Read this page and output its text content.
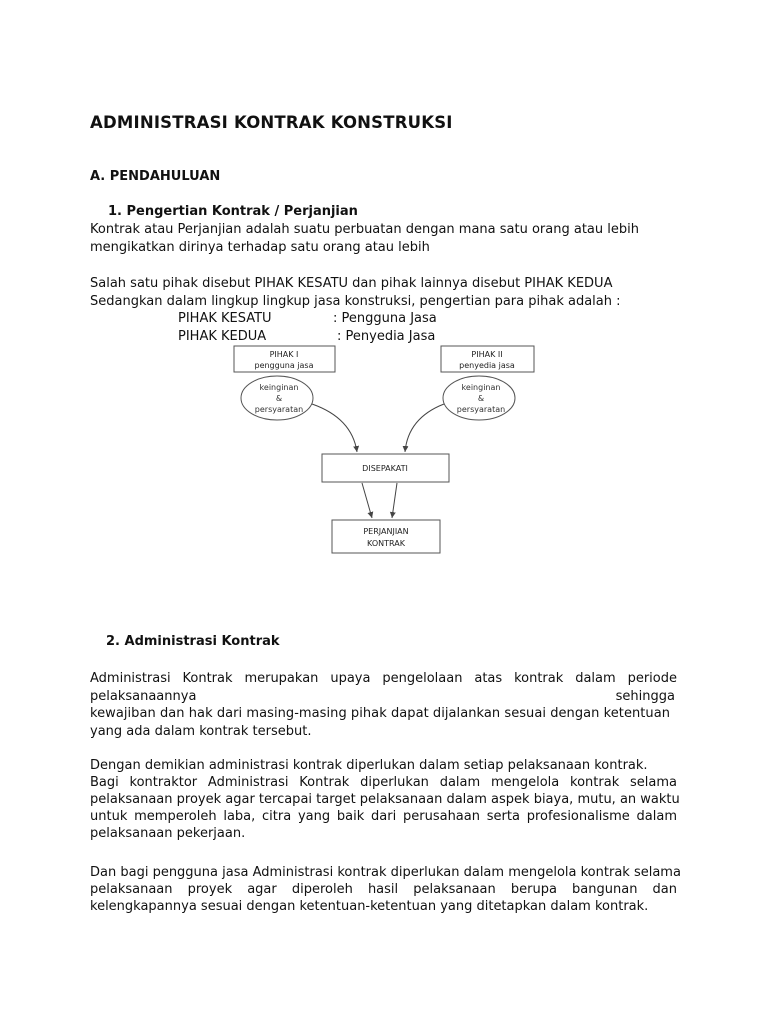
ADMINISTRASI KONTRAK KONSTRUKSI
A. PENDAHULUAN
1. Pengertian Kontrak / Perjanjian
Kontrak atau Perjanjian adalah suatu perbuatan dengan mana satu orang atau lebih
mengikatkan dirinya terhadap satu orang atau lebih
Salah satu pihak disebut PIHAK KESATU dan pihak lainnya disebut PIHAK KEDUA
Sedangkan dalam lingkup lingkup jasa konstruksi, pengertian para pihak adalah :
PIHAK KESATU	: Pengguna Jasa
PIHAK KEDUA	: Penyedia Jasa
PIHAK I
pengguna jasa
PIHAK II
penyedia jasa
keinginan
&
persyaratan
keinginan
&
persyaratan
DISEPAKATI
PERJANJIAN
KONTRAK
2. Administrasi Kontrak
Administrasi Kontrak merupakan upaya pengelolaan atas kontrak dalam periode
pelaksanaannya	sehingga
kewajiban dan hak dari masing-masing pihak dapat dijalankan sesuai dengan ketentuan
yang ada dalam kontrak tersebut.
Dengan demikian administrasi kontrak diperlukan dalam setiap pelaksanaan kontrak.
Bagi kontraktor Administrasi Kontrak diperlukan dalam mengelola kontrak selama
pelaksanaan proyek agar tercapai target pelaksanaan dalam aspek biaya, mutu, an waktu
untuk memperoleh laba, citra yang baik dari perusahaan serta profesionalisme dalam
pelaksanaan pekerjaan.
Dan bagi pengguna jasa Administrasi kontrak diperlukan dalam mengelola kontrak selama
pelaksanaan proyek agar diperoleh hasil pelaksanaan berupa bangunan dan
kelengkapannya sesuai dengan ketentuan-ketentuan yang ditetapkan dalam kontrak.
